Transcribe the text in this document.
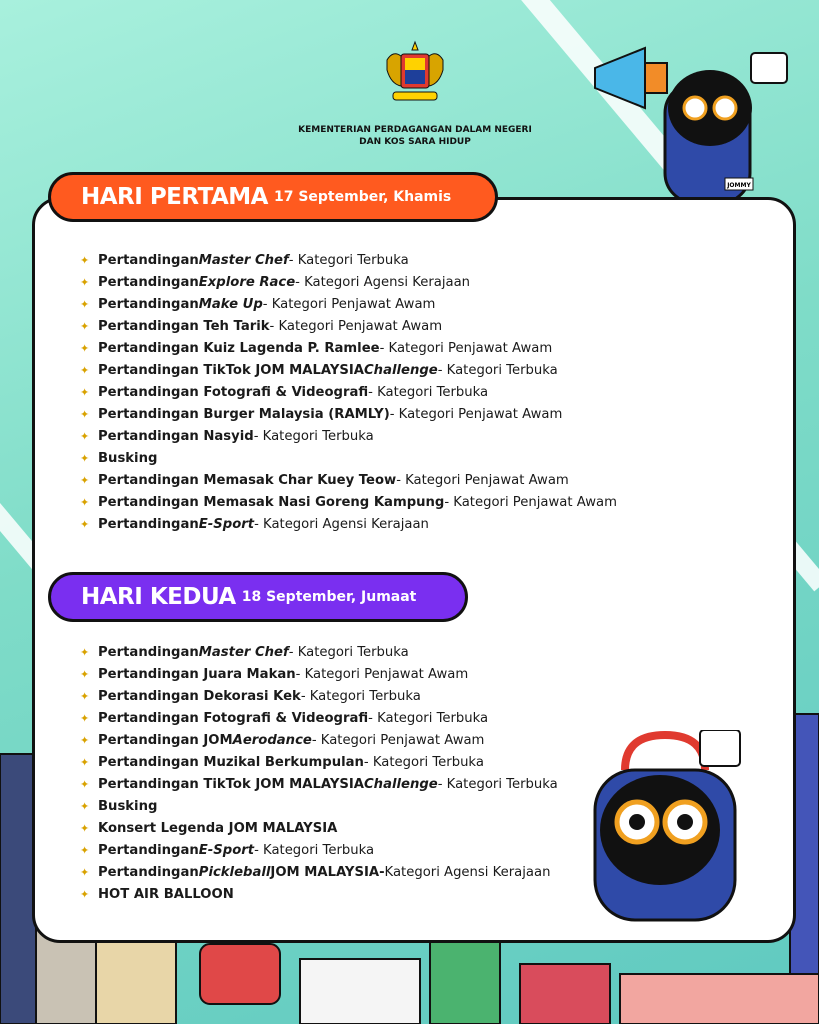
KEMENTERIAN PERDAGANGAN DALAM NEGERI
DAN KOS SARA HIDUP
JOMMY
HARI PERTAMA 17 September, Khamis
✦ Pertandingan Master Chef - Kategori Terbuka
✦ Pertandingan Explore Race - Kategori Agensi Kerajaan
✦ Pertandingan Make Up - Kategori Penjawat Awam
✦ Pertandingan Teh Tarik - Kategori Penjawat Awam
✦ Pertandingan Kuiz Lagenda P. Ramlee - Kategori Penjawat Awam
✦ Pertandingan TikTok JOM MALAYSIA Challenge - Kategori Terbuka
✦ Pertandingan Fotografi & Videografi - Kategori Terbuka
✦ Pertandingan Burger Malaysia (RAMLY) - Kategori Penjawat Awam
✦ Pertandingan Nasyid - Kategori Terbuka
✦ Busking
✦ Pertandingan Memasak Char Kuey Teow - Kategori Penjawat Awam
✦ Pertandingan Memasak Nasi Goreng Kampung - Kategori Penjawat Awam
✦ Pertandingan E-Sport - Kategori Agensi Kerajaan
HARI KEDUA 18 September, Jumaat
✦ Pertandingan Master Chef - Kategori Terbuka
✦ Pertandingan Juara Makan - Kategori Penjawat Awam
✦ Pertandingan Dekorasi Kek - Kategori Terbuka
✦ Pertandingan Fotografi & Videografi - Kategori Terbuka
✦ Pertandingan JOM Aerodance - Kategori Penjawat Awam
✦ Pertandingan Muzikal Berkumpulan - Kategori Terbuka
✦ Pertandingan TikTok JOM MALAYSIA Challenge - Kategori Terbuka
✦ Busking
✦ Konsert Legenda JOM MALAYSIA
✦ Pertandingan E-Sport - Kategori Terbuka
✦ Pertandingan Pickleball JOM MALAYSIA- Kategori Agensi Kerajaan
✦ HOT AIR BALLOON
